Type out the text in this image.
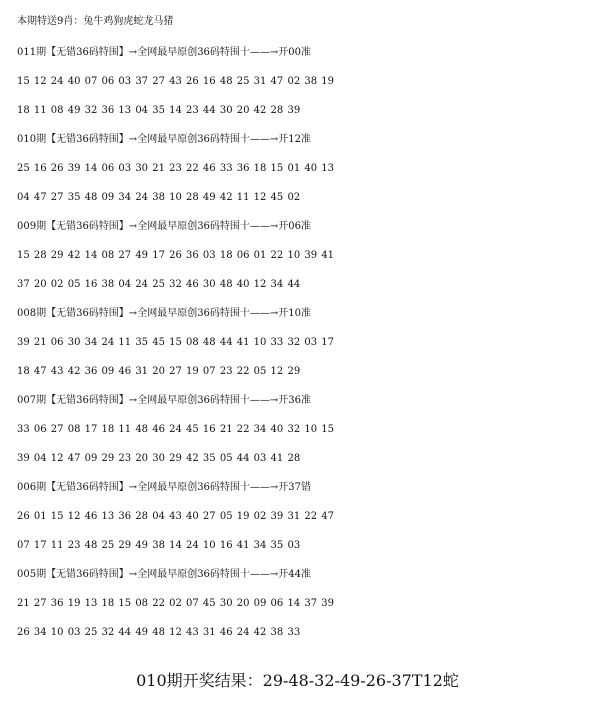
本期特送9肖：兔牛鸡狗虎蛇龙马猪
011期【无错36码特围】→全网最早原创36码特围十——→开00准
15 12 24 40 07 06 03 37 27 43 26 16 48 25 31 47 02 38 19
18 11 08 49 32 36 13 04 35 14 23 44 30 20 42 28 39
010期【无错36码特围】→全网最早原创36码特围十——→开12准
25 16 26 39 14 06 03 30 21 23 22 46 33 36 18 15 01 40 13
04 47 27 35 48 09 34 24 38 10 28 49 42 11 12 45 02
009期【无错36码特围】→全网最早原创36码特围十——→开06准
15 28 29 42 14 08 27 49 17 26 36 03 18 06 01 22 10 39 41
37 20 02 05 16 38 04 24 25 32 46 30 48 40 12 34 44
008期【无错36码特围】→全网最早原创36码特围十——→开10准
39 21 06 30 34 24 11 35 45 15 08 48 44 41 10 33 32 03 17
18 47 43 42 36 09 46 31 20 27 19 07 23 22 05 12 29
007期【无错36码特围】→全网最早原创36码特围十——→开36准
33 06 27 08 17 18 11 48 46 24 45 16 21 22 34 40 32 10 15
39 04 12 47 09 29 23 20 30 29 42 35 05 44 03 41 28
006期【无错36码特围】→全网最早原创36码特围十——→开37错
26 01 15 12 46 13 36 28 04 43 40 27 05 19 02 39 31 22 47
07 17 11 23 48 25 29 49 38 14 24 10 16 41 34 35 03
005期【无错36码特围】→全网最早原创36码特围十——→开44准
21 27 36 19 13 18 15 08 22 02 07 45 30 20 09 06 14 37 39
26 34 10 03 25 32 44 49 48 12 43 31 46 24 42 38 33
010期开奖结果：29-48-32-49-26-37T12蛇
